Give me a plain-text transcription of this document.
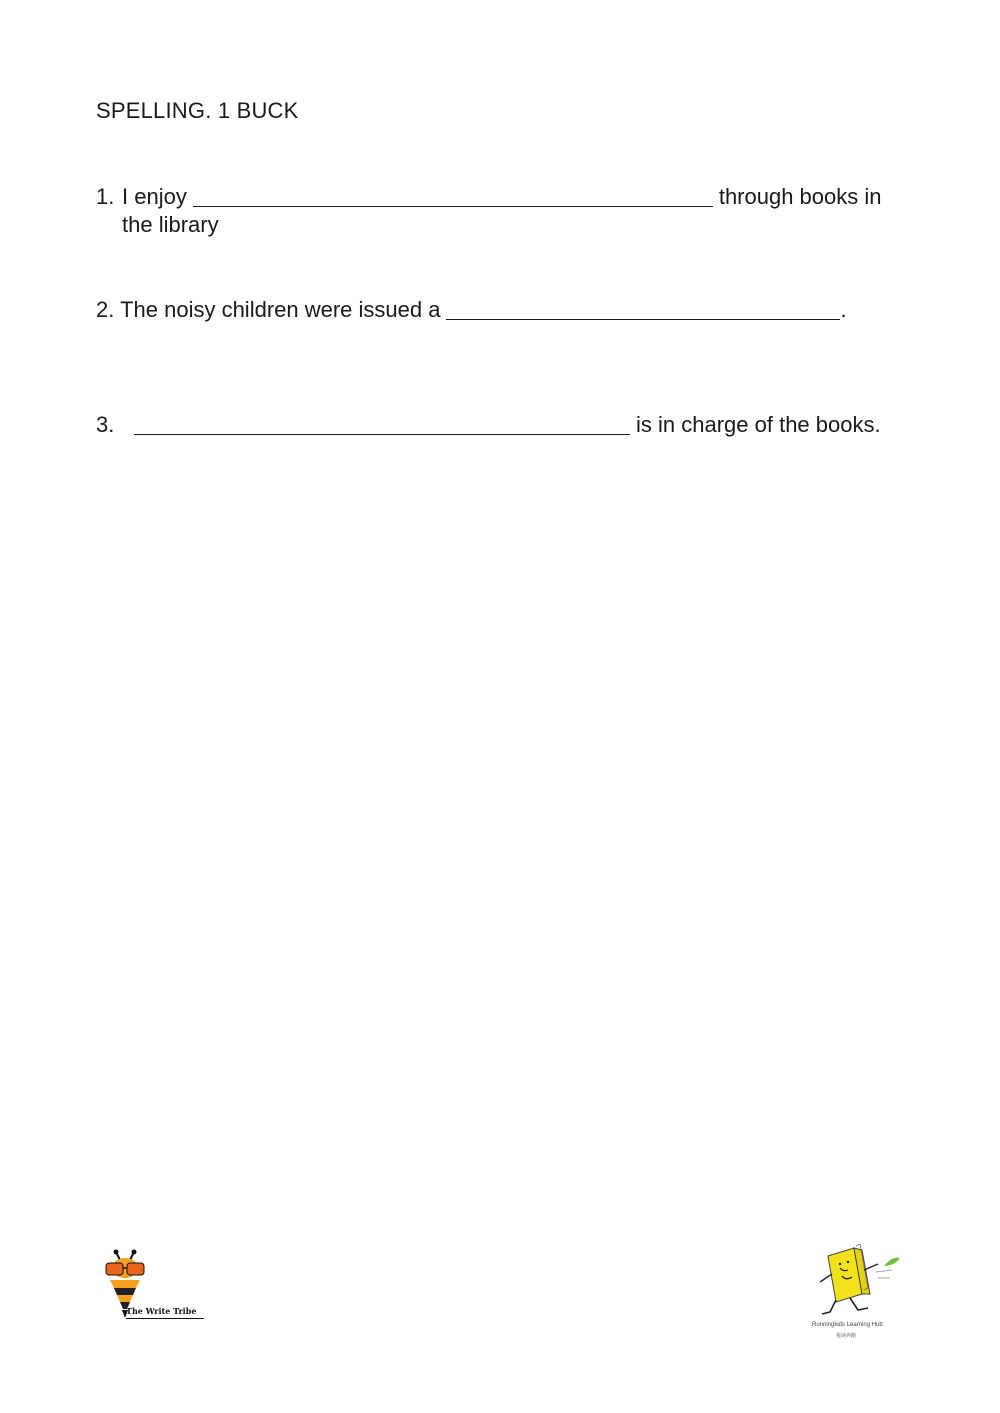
SPELLING. 1 BUCK
1. I enjoy	through books in
the library
2. The noisy children were issued a	.
3.	is in charge of the books.
The Write Tribe
Runningkids Learning Hub
悦读奔跑
